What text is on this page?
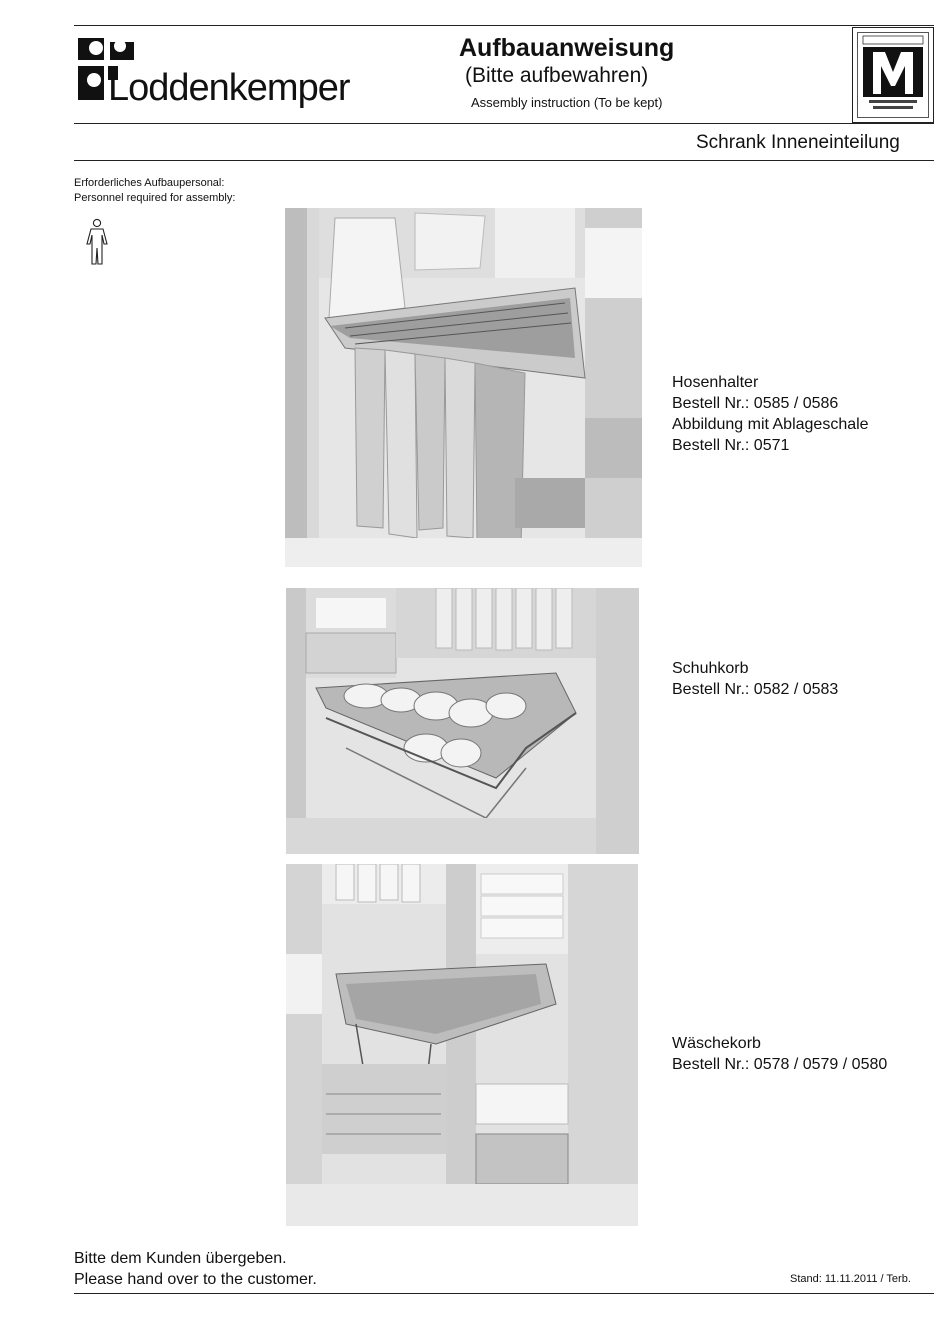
Loddenkemper
Aufbauanweisung
(Bitte aufbewahren)
Assembly instruction (To be kept)
Schrank Inneneinteilung
Erforderliches Aufbaupersonal:
Personnel required for assembly:
Hosenhalter
Bestell Nr.: 0585 / 0586
Abbildung mit Ablageschale
Bestell Nr.: 0571
Schuhkorb
Bestell Nr.: 0582 / 0583
Wäschekorb
Bestell Nr.: 0578 / 0579 / 0580
Bitte dem Kunden übergeben.
Please hand over to the customer.	Stand: 11.11.2011 / Terb.
